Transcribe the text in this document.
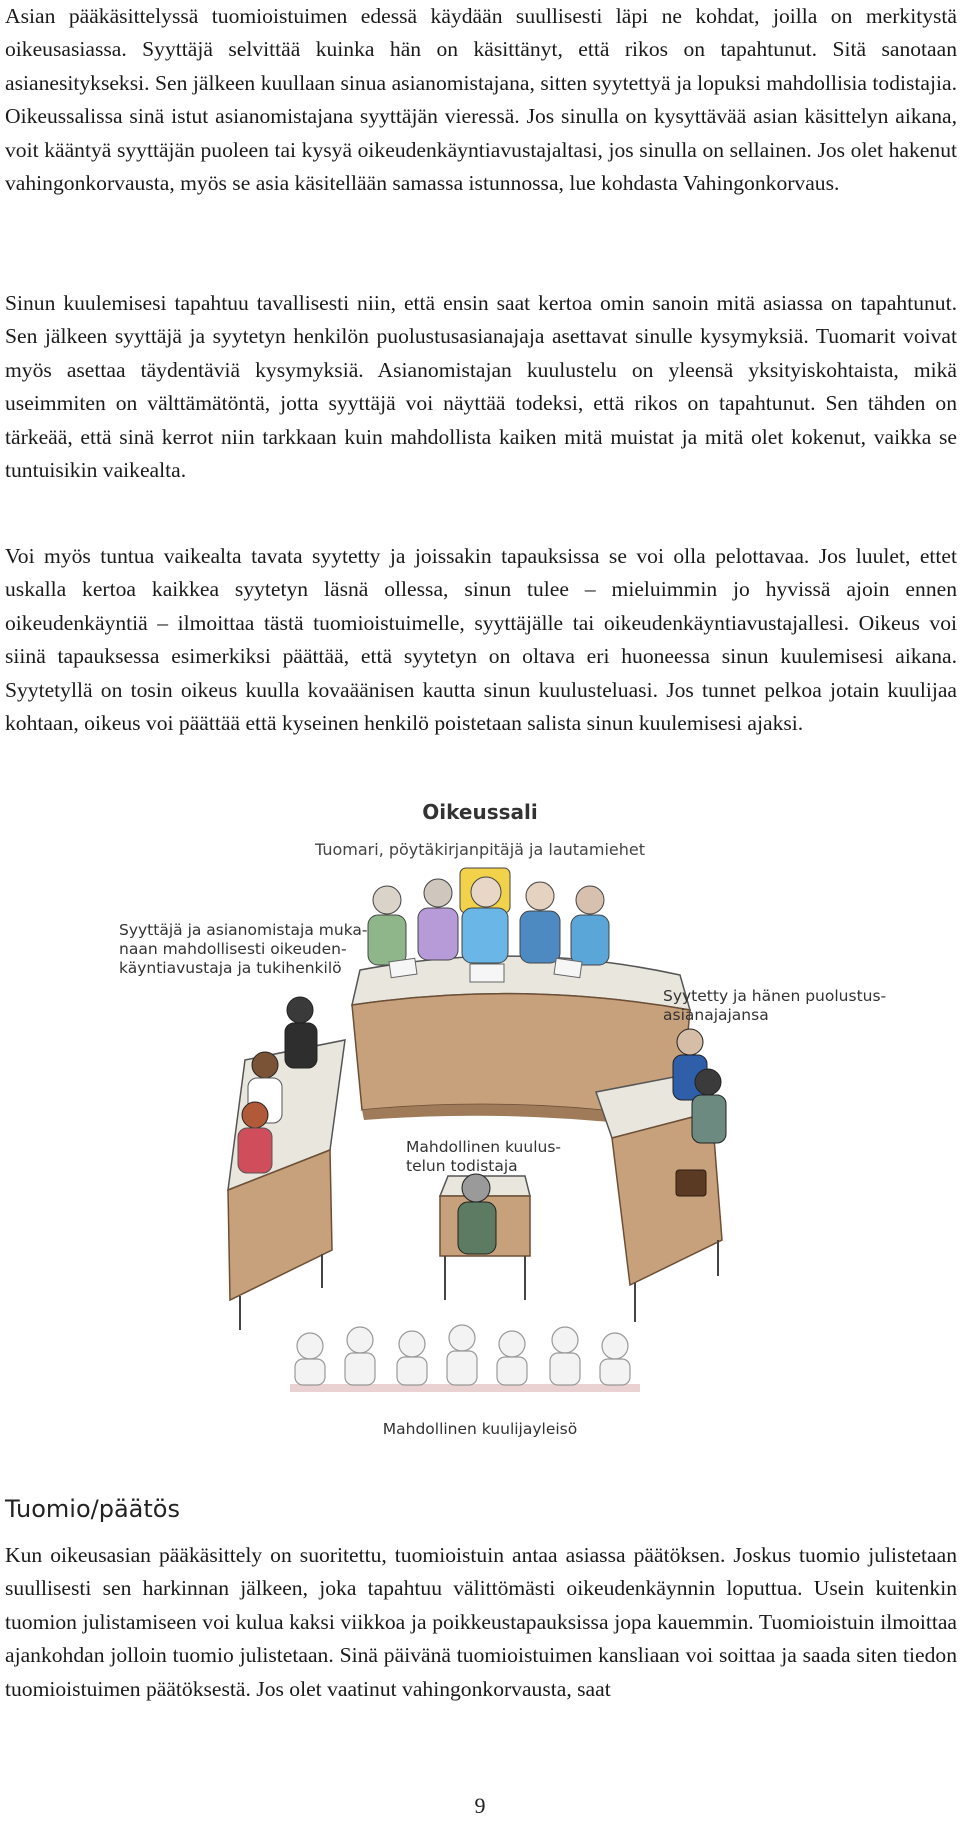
Asian pääkäsittelyssä tuomioistuimen edessä käydään suullisesti läpi ne kohdat, joilla on merkitystä oikeusasiassa. Syyttäjä selvittää kuinka hän on käsittänyt, että rikos on tapahtunut. Sitä sanotaan asianesitykseksi. Sen jälkeen kuullaan sinua asianomistajana, sitten syytettyä ja lopuksi mahdollisia todistajia. Oikeussalissa sinä istut asianomistajana syyttäjän vieressä. Jos sinulla on kysyttävää asian käsittelyn aikana, voit kääntyä syyttäjän puoleen tai kysyä oikeudenkäyntiavustajaltasi, jos sinulla on sellainen. Jos olet hakenut vahingonkorvausta, myös se asia käsitellään samassa istunnossa, lue kohdasta Vahingonkorvaus.

Sinun kuulemisesi tapahtuu tavallisesti niin, että ensin saat kertoa omin sanoin mitä asiassa on tapahtunut. Sen jälkeen syyttäjä ja syytetyn henkilön puolustusasianajaja asettavat sinulle kysymyksiä. Tuomarit voivat myös asettaa täydentäviä kysymyksiä. Asianomistajan kuulustelu on yleensä yksityiskohtaista, mikä useimmiten on välttämätöntä, jotta syyttäjä voi näyttää todeksi, että rikos on tapahtunut. Sen tähden on tärkeää, että sinä kerrot niin tarkkaan kuin mahdollista kaiken mitä muistat ja mitä olet kokenut, vaikka se tuntuisikin vaikealta.

Voi myös tuntua vaikealta tavata syytetty ja joissakin tapauksissa se voi olla pelottavaa. Jos luulet, ettet uskalla kertoa kaikkea syytetyn läsnä ollessa, sinun tulee – mieluimmin jo hyvissä ajoin ennen oikeudenkäyntiä – ilmoittaa tästä tuomioistuimelle, syyttäjälle tai oikeudenkäyntiavustajallesi. Oikeus voi siinä tapauksessa esimerkiksi päättää, että syytetyn on oltava eri huoneessa sinun kuulemisesi aikana. Syytetyllä on tosin oikeus kuulla kovaäänisen kautta sinun kuulusteluasi. Jos tunnet pelkoa jotain kuulijaa kohtaan, oikeus voi päättää että kyseinen henkilö poistetaan salista sinun kuulemisesi ajaksi.

Tuomio/päätös

Kun oikeusasian pääkäsittely on suoritettu, tuomioistuin antaa asiassa päätöksen. Joskus tuomio julistetaan suullisesti sen harkinnan jälkeen, joka tapahtuu välittömästi oikeudenkäynnin loputtua. Usein kuitenkin tuomion julistamiseen voi kulua kaksi viikkoa ja poikkeustapauksissa jopa kauemmin. Tuomioistuin ilmoittaa ajankohdan jolloin tuomio julistetaan. Sinä päivänä tuomioistuimen kansliaan voi soittaa ja saada siten tiedon tuomioistuimen päätöksestä. Jos olet vaatinut vahingonkorvausta, saat

Oikeussali
Tuomari, pöytäkirjanpitäjä ja lautamiehet
Syyttäjä ja asianomistaja muka-
naan mahdollisesti oikeuden-
käyntiavustaja ja tukihenkilö
Syytetty ja hänen puolustus-
asianajajansa
Mahdollinen kuulus-
telun todistaja
Mahdollinen kuulijayleisö
9
